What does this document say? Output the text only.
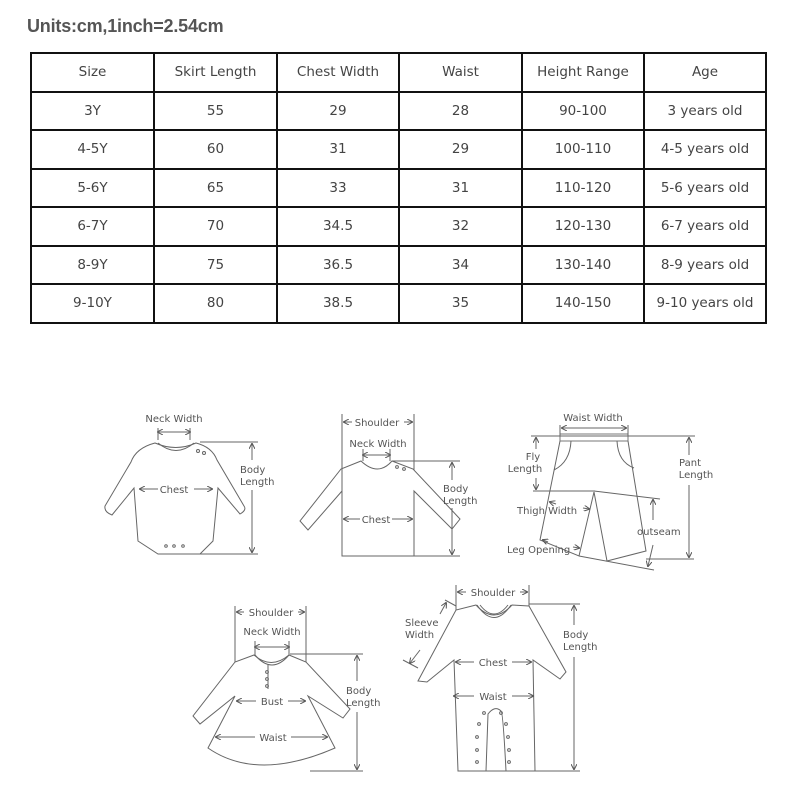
Units:cm,1inch=2.54cm
Size	Skirt Length	Chest Width	Waist	Height Range	Age
3Y	55	29	28	90-100	3 years old
4-5Y	60	31	29	100-110	4-5 years old
5-6Y	65	33	31	110-120	5-6 years old
6-7Y	70	34.5	32	120-130	6-7 years old
8-9Y	75	36.5	34	130-140	8-9 years old
9-10Y	80	38.5	35	140-150	9-10 years old
Neck Width
Chest
Body
Length
Shoulder
Neck Width
Chest
Body
Length
Waist Width
Fly
Length
Pant
Length
Thigh Width
outseam
Leg Opening
Shoulder
Neck Width
Bust
Waist
Body
Length
Shoulder
Sleeve
Width
Chest
Waist
Body
Length
